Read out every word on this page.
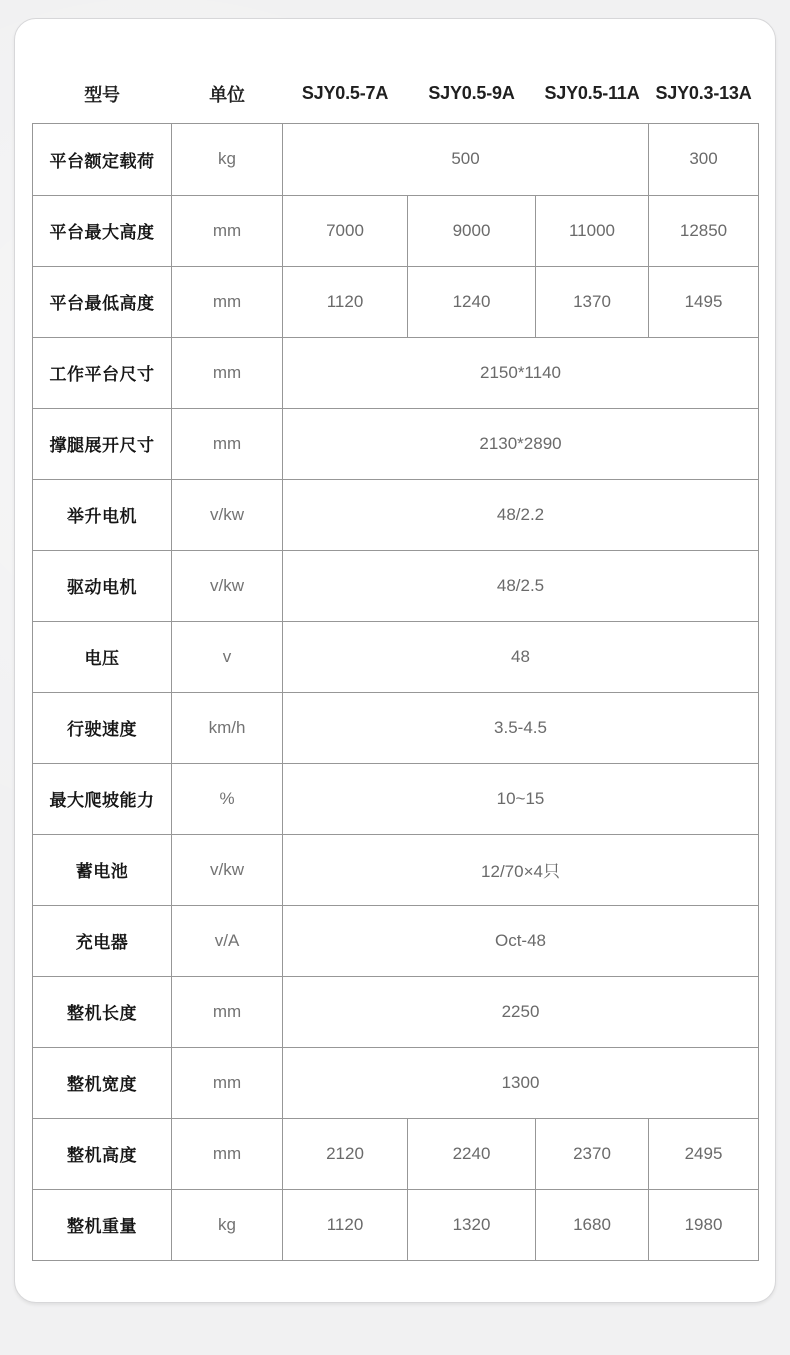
型号	单位	SJY0.5-7A	SJY0.5-9A	SJY0.5-11A	SJY0.3-13A
平台额定载荷	kg	500			300
平台最大高度	mm	7000	9000	11000	12850
平台最低高度	mm	1120	1240	1370	1495
工作平台尺寸	mm	2150*1140			
撑腿展开尺寸	mm	2130*2890			
举升电机	v/kw	48/2.2			
驱动电机	v/kw	48/2.5			
电压	v	48			
行驶速度	km/h	3.5-4.5			
最大爬坡能力	%	10~15			
蓄电池	v/kw	12/70×4只			
充电器	v/A	Oct-48			
整机长度	mm	2250			
整机宽度	mm	1300			
整机高度	mm	2120	2240	2370	2495
整机重量	kg	1120	1320	1680	1980
